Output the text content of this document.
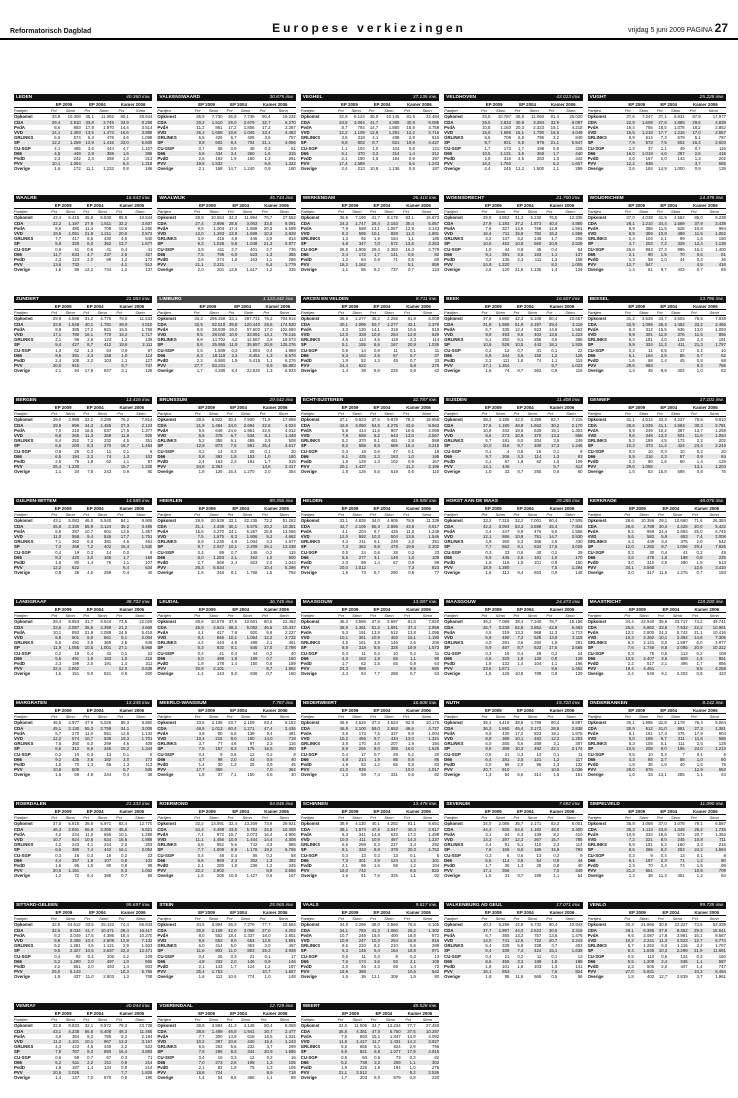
Reformatorisch Dagblad	Europese verkiezingen	vrijdag 5 juni 2009 PAGINA 27
LEDEN	40.360 inw.
	EP 2009		EP 2004		Kamer 2006	
Partijen	Pct	Stmn	Pct	Stmn	Pct	Stmn
Opkomst	33,8	10.308	35,1	11.092	80,1	25.644
CDA	29,4	2.910	33,8	3.745	33,9	8.258
PvdA	8,6	883	17,8	1.970	14,4	3.514
VVD	14,1	1.393	13,5	1.473	16,6	3.988
GRLINKS	5,6	574	6,3	478	4,6	1.098
SP	12,2	1.269	12,9	1.415	23,0	5.609
CU-SGP	4,1	495	3,6	444	4,7	1.157
D66	4,5	449	2,8	359	1,6	386
PvdD	2,3	242	2,3	259	1,3	313
PVV	10,1	1.064			5,4	1.318
Overige	1,6	172	11,1	1.233	0,8	186
VALKENSWAARD	30.875 inw.
	EP 2009		EP 2004		Kamer 2006	
Partijen	Pct	Stmn	Pct	Stmn	Pct	Stmn
Opkomst	35,9	7.730	36,8	7.736	80,4	19.232
CDA	20,2	1.510	29,0	2.679	32,7	6.270
PvdA	11,2	861	17,2	1.806	17,2	3.287
VVD	26,1	1.658	18,8	1.046	23,4	4.483
GRLINKS	5,5	426	6,7	405	3,6	757
SP	8,8	602	8,4	704	21,1	4.056
CU-SGP	0,7	55	0,9	48	0,3	61
D66	6,6	434	3,4	260	1,6	315
PvdD	2,6	192	1,9	160	1,3	251
PVV	19,8	1.532			6,9	1.322
Overige	2,1	168	14,7	1.240	0,9	180
VEGHEL	37.135 inw.
	EP 2009		EP 2004		Kamer 2006	
Partijen	Pct	Stmn	Pct	Stmn	Pct	Stmn
Opkomst	32,9	9.124	36,0	10.145	81,9	22.484
CDA	33,6	3.064	41,7	4.385	40,9	9.085
PvdA	8,7	794	14,7	1.880	16,9	3.759
VVD	12,2	1.109	12,9	1.291	12,2	2.715
GRLINKS	3,5	318	4,1	488	2,8	615
SP	8,8	803	8,7	821	19,9	4.427
CU-SGP	1,1	104	1,0	104	0,5	121
D66	5,1	470	3,3	314	1,4	312
PvdD	2,1	190	1,6	184	0,9	197
PVV	17,4	1.589			5,6	1.243
Overige	2,4	213	10,8	1.136	0,8	187
VELDHOVEN	43.013 inw.
	EP 2009		EP 2004		Kamer 2006	
Partijen	Pct	Stmn	Pct	Stmn	Pct	Stmn
Opkomst	33,5	10.787	35,8	11.060	81,4	25.020
CDA	26,5	2.832	30,9	3.284	32,9	8.087
PvdA	10,8	1.160	20,3	2.323	15,1	4.218
VVD	15,6	1.686	15,1	1.790	15,5	4.049
GRLINKS	6,6	708	6,5	786	3,2	849
SP	8,7	921	6,8	979	21,1	5.547
CU-SGP	1,7	173	1,7	198	0,9	228
D66	10,5	1.131	3,6	368	1,7	440
PvdD	2,9	316	2,5	283	1,3	342
PVV	16,3	1.760			6,2	1.607
Overige	2,4	245	12,2	1.500	1,1	299
VUGHT	25.228 inw.
	EP 2009		EP 2004		Kamer 2006	
Partijen	Pct	Stmn	Pct	Stmn	Pct	Stmn
Opkomst	37,6	7.247	37,1	6.831	87,9	17.977
CDA	22,9	1.609	27,8	1.885	29,6	4.838
PvdA	19,4	755	18,5	1.078	18,2	2.852
VVD	15,5	1.218	17,7	1.216	17,0	2.867
GRLINKS	8,9	614	7,3	579	5,1	787
SP	7,9	573	7,5	602	16,4	2.603
CU-SGP	1,2	37	1,1	49	0,7	116
D66	16,0	1.019	4,6	287	2,6	418
PvdD	2,6	167	2,0	143	1,3	202
PVV	12,2	838			3,7	585
Overige	2,6	184	14,9	1.000	0,9	139
WAALRE	16.543 inw.
	EP 2009		EP 2004		Kamer 2006	
Partijen	Pct	Stmn	Pct	Stmn	Pct	Stmn
Opkomst	43,4	5.415	45,8	5.530	85,9	10.544
CDA	22,2	1.197	27,9	1.511	32,2	3.607
PvdA	8,6	480	11,4	708	10,6	1.260
VVD	19,5	1.051	21,9	1.211	20,6	2.572
GRLINKS	7,7	417	8,5	430	4,5	540
SP	5,9	320	6,0	352	13,7	1.677
CU-SGP	0,8	41	0,6	41	0,4	41
D66	11,7	633	4,7	237	2,6	327
PvdD	2,3	123	2,0	99	1,4	172
PVV	13,6	732			4,1	512
Overige	1,6	86	12,2	734	1,2	137
WAALWIJK	45.744 inw.
	EP 2009		EP 2004		Kamer 2006	
Partijen	Pct	Stmn	Pct	Stmn	Pct	Stmn
Opkomst	29,8	10.564	34,2	11.994	76,7	27.562
CDA	27,4	2.896	28,6	3.063	33,0	9.091
PvdA	9,5	1.004	17,4	1.868	20,3	5.599
VVD	12,0	1.263	13,9	1.599	10,3	2.828
GRLINKS	3,9	415	4,9	446	3,0	814
SP	9,3	1.026	9,9	1.048	21,3	5.877
CU-SGP	3,9	411	3,7	401	2,7	736
D66	7,5	795	6,0	523	1,3	355
PvdD	2,6	274	1,5	163	1,1	296
PVV	21,1	2.221			6,4	1.779
Overige	2,0	201	13,5	1.617	1,2	335
WERKENDAM	26.410 inw.
	EP 2009		EP 2004		Kamer 2006	
Partijen	Pct	Stmn	Pct	Stmn	Pct	Stmn
Opkomst	36,6	7.190	41,7	8.178	83,1	16.673
CDA	24,3	1.747	26,4	2.163	30,4	5.057
PvdA	7,9	568	13,1	1.067	12,9	2.143
VVD	8,3	595	10,1	828	11,3	1.881
GRLINKS	1,3	92	1,9	154	1,1	186
SP	4,8	347	7,0	572	13,5	2.253
CU-SGP	26,5	1.905	29,4	2.392	16,3	2.779
D66	2,4	172	1,7	141	0,5	82
PvdD	1,2	84	0,9	71	0,5	80
PVV	16,2	1.162			5,1	859
Overige	1,1	86	9,2	737	0,7	123
WOENSDRECHT	21.700 inw.
	EP 2009		EP 2004		Kamer 2006	
Partijen	Pct	Stmn	Pct	Stmn	Pct	Stmn
Opkomst	29,8	4.952	31,3	5.230	76,5	12.335
CDA	27,9	1.183	37,2	1.873	40,4	4.880
PvdA	7,6	327	14,6	768	12,9	1.561
VVD	16,4	711	15,9	782	16,2	1.956
GRLINKS	3,2	137	3,2	148	1,7	206
SP	10,6	452	10,8	560	20,9	2.528
CU-SGP	1,0	44	0,9	45	0,4	54
D66	9,1	391	3,5	183	1,1	137
PvdD	3,2	136	2,3	111	1,3	158
PVV	24,9	1.220			8,2	1.005
Overige	2,6	120	21,6	1.135	1,4	134
WOUDRICHEM	14.378 inw.
	EP 2009		EP 2004		Kamer 2006	
Partijen	Pct	Stmn	Pct	Stmn	Pct	Stmn
Opkomst	37,0	4.038	41,9	4.562	85,0	9.238
CDA	28,1	1.210	34,4	1.569	37,9	3.439
PvdA	8,9	386	11,5	528	10,8	984
VVD	8,9	359	10,9	499	11,5	1.062
GRLINKS	2,4	104	2,1	99	1,6	150
SP	4,7	203	7,2	329	12,4	1.138
CU-SGP	25,6	863	27,3	885	15,2	1.400
D66	2,1	90	1,5	70	0,6	51
PvdD	1,3	58	1,0	44	0,4	36
PVV	12,7	547			4,5	416
Overige	1,4	61	9,7	443	0,7	65
ZUNDERT	21.083 inw.
	EP 2009		EP 2004		Kamer 2006	
Partijen	Pct	Stmn	Pct	Stmn	Pct	Stmn
Opkomst	29,9	4.598	31,2	4.775	78,6	11.533
CDA	33,8	1.548	40,1	1.781	39,9	4.510
PvdA	8,8	385	17,2	821	15,5	1.756
VVD	17,1	780	16,1	770	15,2	1.717
GRLINKS	2,1	96	2,6	123	1,2	139
SP	9,4	427	8,7	412	18,6	2.111
CU-SGP	1,3	62	1,3	64	0,9	97
D66	9,5	391	3,3	158	1,0	114
PvdD	2,4	108	2,2	103	1,1	127
PVV	20,0	915			6,7	747
Overige	2,1	94	17,8	847	3,1	128
LIMBURG	1.123.442 inw.
	EP 2009		EP 2004		Kamer 2006	
Partijen	Pct	Stmn	Pct	Stmn	Pct	Stmn
Opkomst	33,2	295.258	33,1	287.731	76,2	704.914
CDA	32,5	82.519	39,8	120.440	29,6	174.520
PvdA	9,9	28.839	19,0	57.602	17,0	102.650
VVD	9,5	28.040	10,9	33.081	13,1	79.215
GRLINKS	5,8	14.702	4,2	12.567	3,8	19.573
SP	8,6	25.955	11,9	35.657	20,8	125.276
CU-SGP	0,5	1.589	0,3	1.083	0,4	1.989
D66	6,3	18.118	2,2	6.451	1,3	5.570
PvdD	2,2	6.560	1,9	5.418	1,1	6.276
PVV	27,7	83.231			8,9	55.883
Overige	1,7	4.288	8,4	22.530	1,3	5.923
ARCEN EN VELDEN	8.711 inw.
	EP 2009		EP 2004		Kamer 2006	
Partijen	Pct	Stmn	Pct	Stmn	Pct	Stmn
Opkomst	36,5	2.277	35,2	2.255	81,9	5.008
CDA	40,1	1.096	50,7	1.277	42,1	2.379
PvdA	3,3	130	14,1	319	10,6	519
VVD	12,0	328	10,8	254	12,8	629
GRLINKS	4,5	114	4,5	118	2,3	114
SP	5,1	155	8,6	167	20,9	1.036
CU-SGP	0,6	14	0,8	11	0,1	11
D66	6,3	162	2,5	67	0,7	37
PvdD	1,8	52	1,3	48	0,7	33
PVV	24,4	622			5,8	276
Overige	1,4	38	8,5	225	0,8	42
BEEK	16.607 inw.
	EP 2009		EP 2004		Kamer 2006	
Partijen	Pct	Stmn	Pct	Stmn	Pct	Stmn
Opkomst	37,8	4.980	42,3	5.108	80,4	10.667
CDA	31,9	1.586	51,9	2.197	29,4	3.119
PvdA	6,7	335	12,4	523	14,6	1.562
VVD	9,9	493	9,6	402	13,5	1.423
GRLINKS	5,1	250	6,1	256	3,6	385
SP	10,6	528	10,5	443	18,1	1.926
CU-SGP	0,2	12	0,7	31	0,1	22
D66	6,9	344	3,6	150	1,2	126
PvdD	2,2	111	1,8	74	1,1	115
PVV	27,1	1.354			9,7	1.023
Overige	1,6	74	8,7	362	0,9	116
BEESEL	13.796 inw.
	EP 2009		EP 2004		Kamer 2006	
Partijen	Pct	Stmn	Pct	Stmn	Pct	Stmn
Opkomst	31,2	3.528	33,7	3.603	76,5	7.938
CDA	32,9	1.099	45,3	1.462	33,2	2.466
PvdA	8,3	312	15,5	536	13,0	1.093
VVD	8,9	301	11,8	376	11,5	956
GRLINKS	5,3	181	4,0	128	2,4	191
SP	9,9	334	11,2	411	21,3	1.757
CU-SGP	0,2	11	0,5	17	0,1	10
D66	5,1	164	2,5	85	0,7	62
PvdD	1,6	68	1,4	45	0,8	68
PVV	29,6	983			9,3	756
Overige	1,4	45	8,9	304	1,0	82
BERGEN	13.416 inw.
	EP 2009		EP 2004		Kamer 2006	
Partijen	Pct	Stmn	Pct	Stmn	Pct	Stmn
Opkomst	29,0	2.999	32,2	3.285	76,2	7.814
CDA	29,9	896	44,3	1.455	27,3	2.124
PvdA	7,0	210	16,5	537	17,5	1.377
VVD	8,8	265	11,3	369	11,9	926
GRLINKS	8,4	252	7,2	232	4,5	351
SP	6,6	200	8,3	270	18,7	1.463
CU-SGP	0,9	26	0,3	11	0,1	8
D66	6,5	194	2,3	74	1,3	103
PvdD	2,5	75	1,9	62	1,1	87
PVV	26,4	1.230			15,7	1.226
Overige	1,1	34	7,8	243	0,9	80
BRUNSSUM	29.542 inw.
	EP 2009		EP 2004		Kamer 2006	
Partijen	Pct	Stmn	Pct	Stmn	Pct	Stmn
Opkomst	28,5	6.822	30,4	7.930	71,8	17.898
CDA	21,9	1.484	34,0	2.694	22,6	4.024
PvdA	9,5	648	24,6	1.951	22,5	4.012
VVD	5,5	378	6,7	534	8,1	1.448
GRLINKS	5,2	355	6,1	485	2,9	508
SP	12,9	873	7,5	591	25,4	4.517
CU-SGP	0,2	14	0,3	25	0,1	20
D66	5,8	392	1,9	153	1,0	180
PvdD	2,4	163	2,3	181	1,7	315
PVV	34,8	2.363			13,6	2.417
Overige	1,9	126	16,4	1.270	2,0	354
ECHT-SUSTEREN	32.787 inw.
	EP 2009		EP 2004		Kamer 2006	
Partijen	Pct	Stmn	Pct	Stmn	Pct	Stmn
Opkomst	37,1	9.523	37,6	9.878	79,3	19.656
CDA	42,6	3.050	54,5	4.275	43,6	8.563
PvdA	5,8	414	11,6	907	10,6	2.086
VVD	7,8	558	8,2	643	13,0	2.567
GRLINKS	5,2	370	6,1	481	2,8	558
SP	8,2	588	8,8	689	16,4	3.218
CU-SGP	0,3	19	0,6	47	0,1	19
D66	6,1	435	2,3	183	1,0	198
PvdD	1,8	128	1,3	102	0,9	167
PVV	20,1	1.437			11,2	2.196
Overige	1,8	126	6,6	519	0,6	110
EIJSDEN	11.408 inw.
	EP 2009		EP 2004		Kamer 2006	
Partijen	Pct	Stmn	Pct	Stmn	Pct	Stmn
Opkomst	38,2	3.186	42,0	3.398	82,7	7.215
CDA	37,6	1.190	48,8	1.662	30,2	2.170
PvdA	10,8	342	18,5	630	18,1	1.303
VVD	8,6	273	10,8	370	13,3	958
GRLINKS	5,7	181	6,0	204	3,5	249
SP	10,0	316	9,7	330	17,3	1.246
CU-SGP	0,1	4	0,5	16	0,1	8
D66	9,7	306	3,3	114	1,3	93
PvdD	2,1	67	1,8	62	1,5	109
PVV	14,1	446			5,7	412
Overige	1,0	33	8,7	280	0,6	60
GENNEP	17.101 inw.
	EP 2009		EP 2004		Kamer 2006	
Partijen	Pct	Stmn	Pct	Stmn	Pct	Stmn
Opkomst	31,1	4.014	33,3	4.227	75,8	9.810
CDA	28,6	1.039	41,1	1.563	30,3	2.781
PvdA	6,9	249	10,2	387	13,7	1.258
VVD	9,6	348	13,2	501	11,6	1.064
GRLINKS	5,2	189	4,5	172	2,2	202
SP	10,3	373	11,2	424	24,4	2.243
CU-SGP	0,3	10	0,3	10	0,2	20
D66	5,9	216	2,3	87	0,9	84
PvdD	2,2	80	1,6	60	1,4	128
PVV	29,0	1.055			13,1	1.204
Overige	1,5	53	15,8	599	0,8	76
GULPEN-WITTEM	14.585 inw.
	EP 2009		EP 2004		Kamer 2006	
Partijen	Pct	Stmn	Pct	Stmn	Pct	Stmn
Opkomst	43,1	5.083	46,0	5.540	84,1	9.906
CDA	45,8	2.330	55,9	3.124	35,2	3.486
PvdA	5,6	287	10,7	601	13,6	1.357
VVD	11,0	558	9,4	526	17,7	1.751
GRLINKS	7,1	362	6,8	381	4,6	451
SP	7,2	368	7,2	402	15,4	1.530
CU-SGP	0,4	19	0,3	14	0,0	5
D66	8,3	420	3,0	165	1,7	169
PvdD	1,6	80	1,4	76	1,1	107
PVV	12,2	622			6,4	634
Overige	0,8	38	4,6	259	0,4	40
HEERLEN	89.356 inw.
	EP 2009		EP 2004		Kamer 2006	
Partijen	Pct	Stmn	Pct	Stmn	Pct	Stmn
Opkomst	29,9	20.539	32,1	22.235	72,2	51.262
CDA	21,1	4.438	30,1	6.575	20,2	10.351
PvdA	15,6	3.270	24,1	5.267	25,8	13.066
VVD	7,5	1.575	8,3	1.806	9,2	4.662
GRLINKS	5,9	1.236	4,9	1.064	3,3	1.677
SP	9,7	2.047	10,1	2.209	26,1	13.238
CU-SGP	0,4	89	0,7	145	0,2	115
D66	6,0	1.263	2,1	462	1,0	500
PvdD	2,7	569	2,4	523	2,0	1.042
PVV	26,3	5.534			10,4	5.296
Overige	1,6	346	8,1	1.758	1,5	792
HELDEN	19.588 inw.
	EP 2009		EP 2004		Kamer 2006	
Partijen	Pct	Stmn	Pct	Stmn	Pct	Stmn
Opkomst	33,1	4.839	34,0	4.905	78,9	11.339
CDA	42,7	2.106	55,3	2.695	43,6	4.917
PvdA	4,1	204	8,7	426	11,0	1.249
VVD	12,0	592	10,3	504	13,6	1.546
GRLINKS	4,3	211	5,1	248	2,2	251
SP	7,3	362	9,8	478	19,5	2.202
CU-SGP	0,5	24	0,6	28	0,2	23
D66	5,6	277	3,1	149	1,0	109
PvdD	2,0	99	1,4	67	0,9	99
PVV	20,0	1.012			7,3	823
Overige	1,5	73	5,7	280	0,6	77
HORST AAN DE MAAS	29.286 inw.
	EP 2009		EP 2004		Kamer 2006	
Partijen	Pct	Stmn	Pct	Stmn	Pct	Stmn
Opkomst	33,2	7.319	32,2	7.001	80,4	17.505
CDA	42,2	3.093	53,3	3.699	45,4	7.834
PvdA	3,4	247	6,9	476	9,0	1.558
VVD	12,1	886	10,8	751	14,7	2.530
GRLINKS	4,9	360	5,3	366	2,5	430
SP	7,7	562	9,1	634	17,5	3.026
CU-SGP	0,3	23	0,6	40	0,2	29
D66	5,9	435	2,6	181	1,0	170
PvdD	1,6	118	1,5	101	0,9	150
PVV	18,9	1.390			7,5	1.294
Overige	1,6	112	9,4	653	0,9	148
KERKRADE	48.076 inw.
	EP 2009		EP 2004		Kamer 2006	
Partijen	Pct	Stmn	Pct	Stmn	Pct	Stmn
Opkomst	28,6	10.356	29,1	10.660	71,6	26.384
CDA	26,6	2.788	40,4	4.425	20,0	5.422
PvdA	9,2	959	24,4	2.683	25,0	6.745
VVD	5,6	582	5,9	653	7,4	2.008
GRLINKS	4,3	449	3,4	375	2,0	542
SP	12,0	1.282	9,7	1.066	29,4	7.926
CU-SGP	0,3	30	0,4	41	0,2	49
D66	4,6	478	1,8	198	0,8	225
PvdD	3,0	310	2,5	280	1,9	513
PVV	34,1	3.568			12,6	3.410
Overige	3,0	317	11,5	1.275	0,7	193
LANDGRAAF	38.702 inw.
	EP 2009		EP 2004		Kamer 2006	
Partijen	Pct	Stmn	Pct	Stmn	Pct	Stmn
Opkomst	29,4	8.853	31,7	9.544	73,5	22.028
CDA	23,6	2.087	35,6	3.398	21,2	4.669
PvdA	10,1	893	21,9	2.088	24,6	5.418
VVD	6,8	601	6,9	661	9,1	2.004
GRLINKS	5,6	491	3,9	368	2,5	548
SP	11,9	1.055	10,5	1.001	27,1	5.968
CU-SGP	0,2	19	0,4	42	0,1	22
D66	5,6	491	1,9	183	1,0	215
PvdD	2,3	199	2,0	191	1,4	311
PVV	32,4	2.862			12,0	2.639
Overige	1,6	151	9,0	821	0,9	200
LEUDAL	36.745 inw.
	EP 2009		EP 2004		Kamer 2006	
Partijen	Pct	Stmn	Pct	Stmn	Pct	Stmn
Opkomst	35,6	10.078	37,6	10.601	80,5	22.482
CDA	45,9	4.624	58,2	6.082	46,6	10.437
PvdA	4,1	417	7,9	820	9,9	2.227
VVD	8,4	846	10,1	1.054	12,2	2.732
GRLINKS	4,4	443	4,8	498	2,1	461
SP	6,3	632	8,1	846	17,0	3.798
CU-SGP	0,4	41	0,4	44	0,2	40
D66	5,0	498	1,9	199	0,7	160
PvdD	1,8	178	1,4	150	0,8	189
PVV	20,9	2.101			8,7	1.962
Overige	1,4	143	8,0	836	0,7	160
MAASGOUW	13.087 inw.
	EP 2009		EP 2004		Kamer 2006	
Partijen	Pct	Stmn	Pct	Stmn	Pct	Stmn
Opkomst	36,3	3.585	37,8	3.697	81,6	7.920
CDA	38,9	1.391	51,2	1.891	37,4	2.958
PvdA	5,3	191	13,8	512	13,8	1.095
VVD	10,1	361	10,9	402	15,1	1.190
GRLINKS	4,5	161	3,9	146	2,6	206
SP	8,9	318	8,9	328	19,9	1.573
CU-SGP	0,3	11	0,3	10	0,2	11
D66	4,3	153	1,8	65	1,1	90
PvdD	1,7	62	1,5	55	0,8	64
PVV	24,3	869			8,6	680
Overige	2,3	84	7,7	288	0,7	53
MAASGOUW	24.473 inw.
	EP 2009		EP 2004		Kamer 2006	
Partijen	Pct	Stmn	Pct	Stmn	Pct	Stmn
Opkomst	36,2	7.089	38,4	7.340	78,7	15.156
CDA	45,7	3.239	52,8	3.852	42,8	6.483
PvdA	4,5	319	13,3	968	11,3	1.713
VVD	6,9	490	7,2	528	13,9	2.115
GRLINKS	4,0	281	3,6	260	1,8	281
SP	6,9	487	8,7	633	17,6	2.665
CU-SGP	0,3	19	0,4	28	0,2	24
D66	4,6	325	1,8	130	0,8	128
PvdD	1,9	132	1,4	104	1,1	166
PVV	23,6	1.671			9,6	1.452
Overige	1,8	126	10,8	788	0,8	129
MAASTRICHT	118.200 inw.
	EP 2009		EP 2004		Kamer 2006	
Partijen	Pct	Stmn	Pct	Stmn	Pct	Stmn
Opkomst	34,4	22.940	35,6	23.717	74,2	49.741
CDA	25,6	5.862	33,6	7.932	22,2	10.961
PvdA	12,2	2.800	24,3	5.742	21,1	10.416
VVD	10,3	2.362	10,1	2.394	14,8	7.305
GRLINKS	9,3	2.141	8,0	1.897	6,0	2.977
SP	7,6	1.746	8,8	2.095	20,9	10.312
CU-SGP	0,3	75	0,5	113	0,2	108
D66	10,5	2.407	3,5	829	1,9	951
PvdD	2,2	517	2,1	496	1,7	856
PVV	19,4	4.461			8,6	4.268
Overige	2,4	546	9,1	2.202	0,9	423
MARGRATEN	13.345 inw.
	EP 2009		EP 2004		Kamer 2006	
Partijen	Pct	Stmn	Pct	Stmn	Pct	Stmn
Opkomst	46,5	4.977	47,9	5.026	85,3	8.860
CDA	45,1	2.130	55,3	2.759	34,1	3.005
PvdA	5,7	270	11,0	551	12,8	1.132
VVD	12,2	574	10,7	536	19,3	1.701
GRLINKS	7,6	360	6,0	299	4,6	408
SP	6,6	312	6,9	346	15,2	1.344
CU-SGP	0,2	10	0,3	13	0,1	5
D66	9,2	435	3,6	182	2,0	173
PvdD	1,5	70	1,3	65	1,3	113
PVV	10,8	509			5,7	505
Overige	1,5	69	4,9	244	0,4	36
MEERLO-WANSSUM	7.767 inw.
	EP 2009		EP 2004		Kamer 2006	
Partijen	Pct	Stmn	Pct	Stmn	Pct	Stmn
Opkomst	33,6	2.138	33,7	2.109	83,4	5.152
CDA	48,6	1.013	60,4	1.271	47,4	2.436
PvdA	3,8	80	6,6	138	9,4	481
VVD	10,4	216	9,0	190	14,0	718
GRLINKS	3,7	77	4,6	97	2,3	116
SP	7,5	157	8,3	175	16,5	850
CU-SGP	0,4	8	0,6	12	0,2	8
D66	4,7	98	2,0	43	0,8	40
PvdD	1,4	30	1,3	28	0,9	45
PVV	17,7	369			7,0	362
Overige	1,8	37	7,1	150	0,5	30
NEDERWEERT	16.608 inw.
	EP 2009		EP 2004		Kamer 2006	
Partijen	Pct	Stmn	Pct	Stmn	Pct	Stmn
Opkomst	36,9	4.526	37,3	4.534	82,8	10.175
CDA	46,9	2.100	59,0	2.653	46,6	4.727
PvdA	3,9	173	7,5	337	9,9	1.004
VVD	10,2	456	9,7	434	13,0	1.321
GRLINKS	3,8	170	4,6	207	1,9	194
SP	5,9	266	8,0	358	16,0	1.626
CU-SGP	0,4	17	0,7	29	0,2	20
D66	4,8	214	1,9	86	0,8	86
PvdD	1,8	82	1,2	55	0,8	83
PVV	21,0	939			10,0	1.017
Overige	1,3	59	7,4	331	0,8	82
NUTH	15.720 inw.
	EP 2009		EP 2004		Kamer 2006	
Partijen	Pct	Stmn	Pct	Stmn	Pct	Stmn
Opkomst	36,4	4.419	38,8	4.799	80,4	9.887
CDA	36,3	1.595	45,4	2.172	28,9	2.838
PvdA	9,8	430	17,2	823	19,1	1.875
VVD	8,8	385	10,1	482	12,2	1.203
GRLINKS	6,0	265	5,6	268	3,1	307
SP	8,9	389	10,3	492	22,1	2.174
CU-SGP	0,5	21	0,3	13	0,1	11
D66	6,4	281	2,5	121	1,2	117
PvdD	2,0	89	2,0	96	1,3	132
PVV	20,7	910			10,5	1.036
Overige	1,3	54	6,6	314	1,5	151
ONDERBANKEN	8.142 inw.
	EP 2009		EP 2004		Kamer 2006	
Partijen	Pct	Stmn	Pct	Stmn	Pct	Stmn
Opkomst	30,1	1.985	32,8	2.178	76,4	5.064
CDA	30,9	612	41,0	891	27,3	1.381
PvdA	8,1	161	17,3	376	17,9	904
VVD	8,0	159	9,7	211	11,6	586
GRLINKS	5,3	105	5,1	111	2,5	128
SP	10,5	208	9,0	196	24,0	1.213
CU-SGP	0,5	10	0,3	7	0,1	6
D66	4,3	85	2,7	58	1,0	50
PvdD	1,8	36	1,8	40	1,6	79
PVV	29,0	576			12,9	653
Overige	1,6	33	13,1	285	1,1	64
ROERDALEN	21.333 inw.
	EP 2009		EP 2004		Kamer 2006	
Partijen	Pct	Stmn	Pct	Stmn	Pct	Stmn
Opkomst	37,5	5.818	38,5	5.971	82,4	12.770
CDA	46,3	2.691	56,9	3.395	45,6	5.821
PvdA	4,2	244	11,0	655	10,1	1.286
VVD	10,7	624	10,6	634	15,6	1.988
GRLINKS	4,2	243	4,1	244	2,0	253
SP	6,6	385	7,4	442	16,1	2.053
CU-SGP	0,3	16	0,3	19	0,2	22
D66	4,4	257	1,8	107	0,8	102
PvdD	1,6	95	1,5	90	0,8	98
PVV	20,5	1.191			8,3	1.062
Overige	1,2	72	6,4	385	0,7	85
ROERMOND	54.846 inw.
	EP 2009		EP 2004		Kamer 2006	
Partijen	Pct	Stmn	Pct	Stmn	Pct	Stmn
Opkomst	32,2	13.091	32,4	13.209	73,9	29.921
CDA	34,4	4.498	43,6	5.752	34,5	10.308
PvdA	7,4	972	15,7	2.073	16,4	4.906
VVD	11,1	1.456	10,9	1.444	14,4	4.308
GRLINKS	6,5	852	5,6	742	3,3	985
SP	7,7	1.009	8,9	1.178	19,2	5.756
CU-SGP	0,4	48	0,4	55	0,2	58
D66	6,6	869	2,3	302	1,3	382
PvdD	2,1	280	1,8	236	1,2	345
PVV	22,2	2.902			8,9	2.656
Overige	1,6	205	10,8	1.427	0,6	167
SCHINNEN	13.478 inw.
	EP 2009		EP 2004		Kamer 2006	
Partijen	Pct	Stmn	Pct	Stmn	Pct	Stmn
Opkomst	38,9	4.130	40,1	4.282	81,1	8.651
CDA	38,1	1.574	47,8	2.047	30,3	2.617
PvdA	8,3	341	14,8	633	17,2	1.488
VVD	10,0	411	10,9	467	14,3	1.237
GRLINKS	6,5	268	5,3	227	3,4	292
SP	8,1	333	8,8	378	20,3	1.752
CU-SGP	0,3	13	0,3	13	0,1	5
D66	7,3	301	2,9	124	1,2	101
PvdD	2,1	86	1,6	68	1,2	104
PVV	18,0	742			9,5	822
Overige	1,5	61	7,6	325	1,1	92
SEVENUM	7.692 inw.
	EP 2009		EP 2004		Kamer 2006	
Partijen	Pct	Stmn	Pct	Stmn	Pct	Stmn
Opkomst	34,0	2.085	35,7	2.171	82,2	5.001
CDA	44,4	925	54,5	1.182	48,0	2.400
PvdA	3,1	64	6,4	139	8,2	410
VVD	14,2	297	12,3	267	15,7	785
GRLINKS	4,4	91	5,1	110	2,3	114
SP	7,9	165	8,6	186	15,9	793
CU-SGP	0,3	6	0,6	13	0,2	9
D66	5,5	114	2,5	54	0,9	44
PvdD	1,7	36	1,3	28	0,8	40
PVV	17,1	356			7,0	349
Overige	1,5	31	8,7	189	1,1	54
SIMPELVELD	11.090 inw.
	EP 2009		EP 2004		Kamer 2006	
Partijen	Pct	Stmn	Pct	Stmn	Pct	Stmn
Opkomst	36,8	3.068	37,0	3.078	79,1	6.587
CDA	36,3	1.113	43,8	1.348	26,2	1.726
PvdA	10,9	333	18,6	573	20,7	1.362
VVD	7,2	221	8,0	245	10,8	711
GRLINKS	5,9	181	5,2	160	3,3	215
SP	8,6	265	8,2	253	24,2	1.594
CU-SGP	0,3	9	0,4	13	0,1	8
D66	6,1	187	2,3	71	1,2	80
PvdD	2,3	70	2,4	74	1,5	98
PVV	21,2	651			10,8	709
Overige	1,2	38	11,3	351	1,2	84
SITTARD-GELEEN	95.697 inw.
	EP 2009		EP 2004		Kamer 2006	
Partijen	Pct	Stmn	Pct	Stmn	Pct	Stmn
Opkomst	32,8	24.612	33,5	25.123	74,4	55.843
CDA	32,6	8.034	41,7	10.471	29,4	16.417
PvdA	8,3	2.049	17,5	4.386	18,4	10.270
VVD	9,8	2.408	10,4	2.609	12,8	7.132
GRLINKS	5,2	1.281	4,5	1.121	2,9	1.603
SP	9,5	2.327	10,5	2.637	22,3	12.471
CU-SGP	0,4	92	0,4	106	0,2	109
D66	5,2	1.290	2,0	497	1,0	565
PvdD	2,2	551	2,0	493	1,4	803
PVV	25,0	6.143			10,3	5.765
Overige	1,8	437	11,0	2.803	1,3	708
STEIN	25.965 inw.
	EP 2009		EP 2004		Kamer 2006	
Partijen	Pct	Stmn	Pct	Stmn	Pct	Stmn
Opkomst	34,6	6.894	36,3	7.279	77,7	15.564
CDA	30,6	2.108	42,0	3.058	27,0	4.202
PvdA	8,0	552	18,4	1.337	18,0	2.801
VVD	9,5	652	9,0	653	12,8	1.991
GRLINKS	6,0	414	5,0	363	3,0	467
SP	11,6	802	11,0	803	25,3	3.938
CU-SGP	0,4	26	0,3	21	0,1	17
D66	4,8	332	2,0	146	0,9	146
PvdD	2,1	143	1,7	124	1,2	187
PVV	25,4	1.753			10,7	1.667
Overige	1,6	112	10,6	774	1,0	148
VAALS	9.817 inw.
	EP 2009		EP 2004		Kamer 2006	
Partijen	Pct	Stmn	Pct	Stmn	Pct	Stmn
Opkomst	34,9	2.296	38,0	2.566	76,6	5.165
CDA	34,1	783	41,3	1.060	25,2	1.302
PvdA	10,7	246	15,6	400	18,8	972
VVD	10,8	247	10,3	264	15,8	816
GRLINKS	9,6	220	8,2	210	5,6	289
SP	6,3	145	6,4	164	18,8	971
CU-SGP	0,5	11	0,3	8	0,3	13
D66	7,6	174	3,6	92	2,1	108
PvdD	2,0	46	2,3	59	1,4	72
PVV	16,9	388			10,5	542
Overige	1,5	36	12,1	309	1,5	80
VALKENBURG AD GEUL	17.071 inw.
	EP 2009		EP 2004		Kamer 2006	
Partijen	Pct	Stmn	Pct	Stmn	Pct	Stmn
Opkomst	40,3	5.296	42,8	5.732	80,4	10.843
CDA	37,7	1.997	44,0	2.522	30,6	3.316
PvdA	6,7	355	13,2	757	13,6	1.476
VVD	14,0	741	12,6	722	20,7	2.243
GRLINKS	6,4	339	5,9	338	3,7	402
SP	6,4	339	7,4	424	15,1	1.638
CU-SGP	0,4	21	0,2	11	0,1	13
D66	8,6	455	3,3	189	1,8	195
PvdD	1,9	101	1,8	103	1,3	141
PVV	16,1	853			7,6	824
Overige	1,8	95	11,6	665	0,5	56
VENLO	99.735 inw.
	EP 2009		EP 2004		Kamer 2006	
Partijen	Pct	Stmn	Pct	Stmn	Pct	Stmn
Opkomst	30,3	21.966	30,9	22.327	73,6	53.339
CDA	29,1	6.385	37,9	8.452	29,3	15.641
PvdA	9,5	2.087	17,8	3.981	16,1	8.587
VVD	10,2	2.241	11,3	2.523	12,7	6.774
GRLINKS	5,7	1.252	5,0	1.116	3,2	1.707
SP	8,4	1.845	10,3	2.299	21,9	11.681
CU-SGP	0,5	110	0,6	134	0,3	160
D66	5,5	1.208	2,4	536	1,1	587
PvdD	2,3	505	2,0	447	1,4	747
PVV	27,0	5.931			10,3	5.494
Overige	1,8	402	12,7	2.839	3,7	1.961
VENRAY	40.044 inw.
	EP 2009		EP 2004		Kamer 2006	
Partijen	Pct	Stmn	Pct	Stmn	Pct	Stmn
Opkomst	32,8	9.833	32,1	9.572	79,3	23.738
CDA	43,1	4.238	56,5	5.408	48,3	11.465
PvdA	3,9	384	8,2	785	9,2	2.184
VVD	11,2	1.101	10,1	967	13,3	3.157
GRLINKS	4,3	423	4,6	440	2,2	522
SP	7,8	767	9,3	890	16,4	3.893
CU-SGP	0,6	59	0,7	67	0,3	71
D66	5,2	511	2,2	211	0,9	214
PvdD	1,9	187	1,4	134	0,9	214
PVV	20,6	2.026			7,7	1.828
Overige	1,4	137	7,0	670	0,8	190
VOERENDAAL	12.729 inw.
	EP 2009		EP 2004		Kamer 2006	
Partijen	Pct	Stmn	Pct	Stmn	Pct	Stmn
Opkomst	38,8	3.894	41,3	4.148	80,4	8.069
CDA	38,5	1.499	46,8	1.941	30,7	2.477
PvdA	7,7	300	14,9	618	16,5	1.331
VVD	10,2	397	10,6	440	15,4	1.243
GRLINKS	6,5	253	5,6	232	3,7	299
SP	7,6	296	8,3	344	20,9	1.686
CU-SGP	0,4	16	0,3	12	0,2	16
D66	7,0	273	2,6	108	1,3	105
PvdD	2,1	82	1,8	75	1,3	105
PVV	18,6	724			8,9	718
Overige	1,4	54	8,8	365	1,1	89
WEERT	48.528 inw.
	EP 2009		EP 2004		Kamer 2006	
Partijen	Pct	Stmn	Pct	Stmn	Pct	Stmn
Opkomst	33,5	11.906	34,7	12.234	77,7	27.459
CDA	36,8	4.381	47,0	5.750	37,5	10.297
PvdA	7,5	893	15,1	1.847	14,9	4.092
VVD	11,9	1.417	11,7	1.431	14,3	3.927
GRLINKS	5,5	655	5,1	624	2,9	796
SP	6,9	821	8,8	1.077	17,9	4.915
CU-SGP	0,5	60	0,6	73	0,3	82
D66	6,2	738	2,2	269	1,1	302
PvdD	1,9	226	1,5	184	1,0	275
PVV	21,1	2.512			9,2	2.526
Overige	1,7	203	8,0	979	0,8	220
